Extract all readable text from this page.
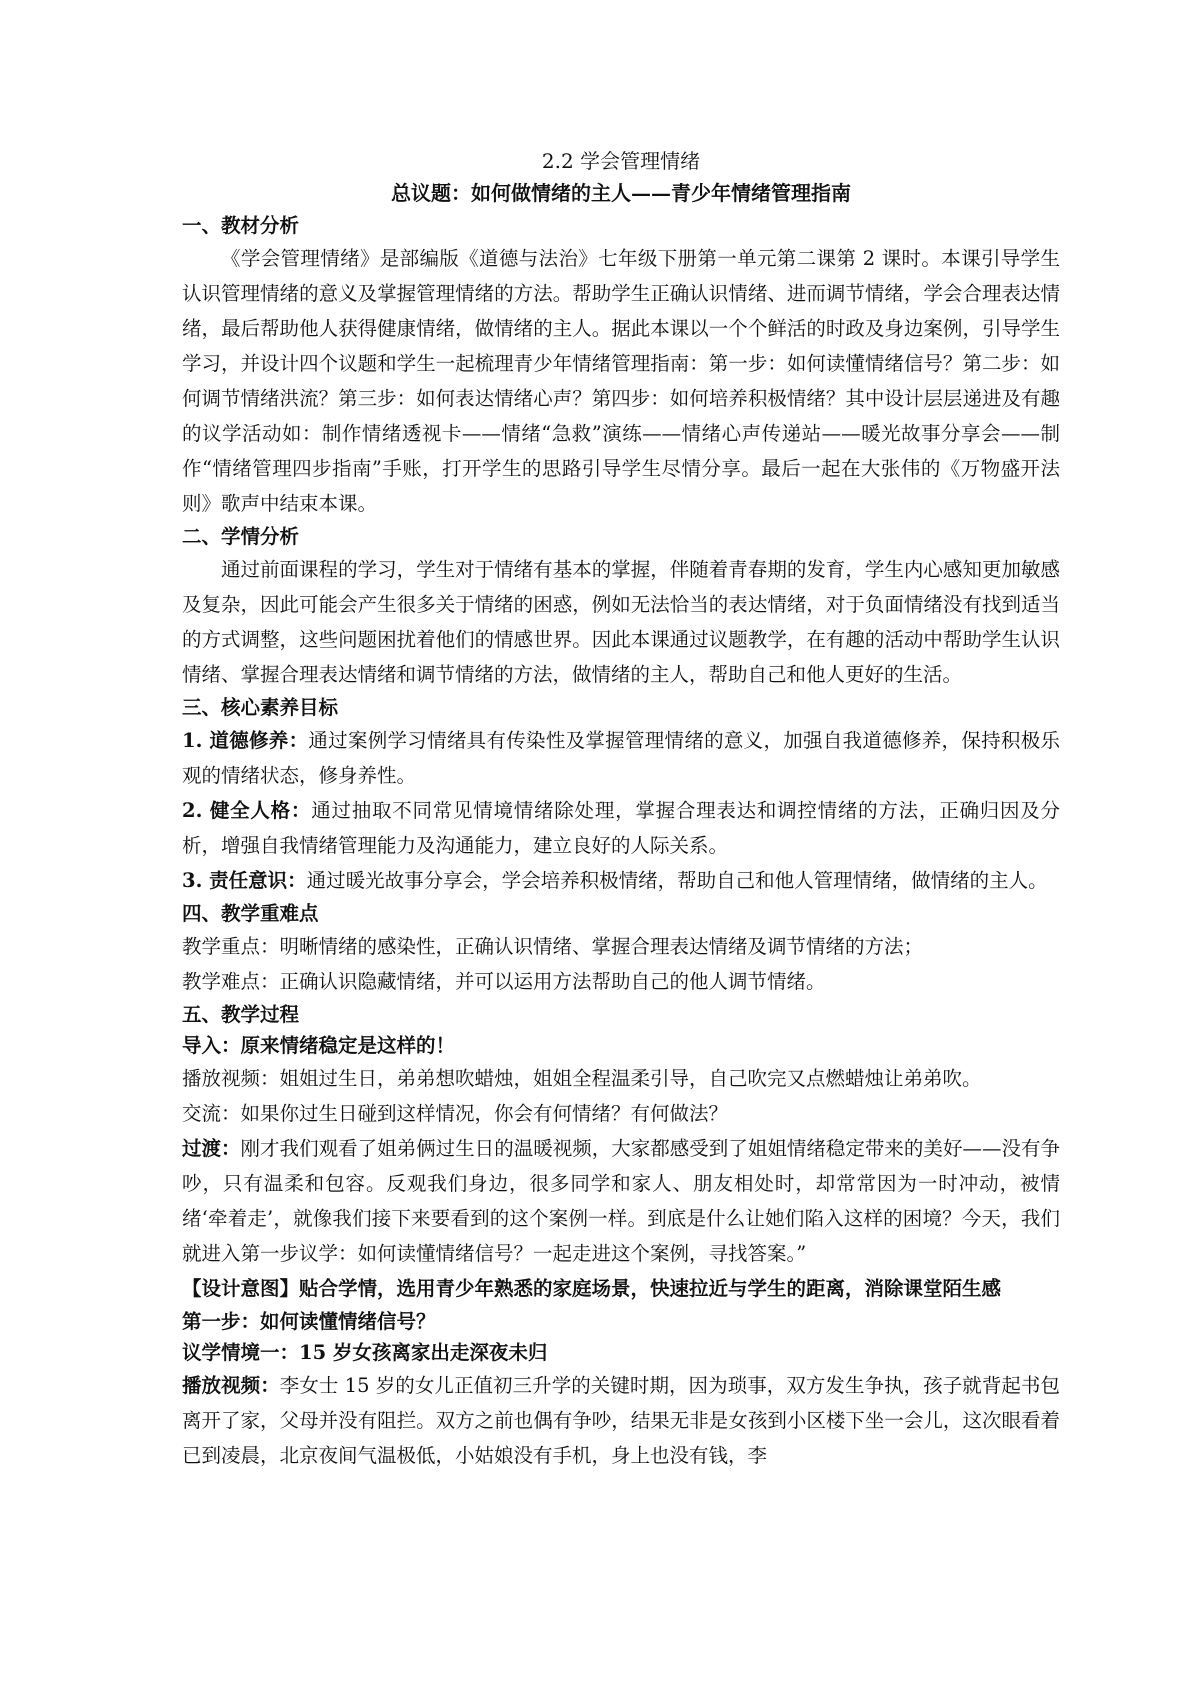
2.2 学会管理情绪
总议题：如何做情绪的主人——青少年情绪管理指南
一、教材分析

《学会管理情绪》是部编版《道德与法治》七年级下册第一单元第二课第 2 课时。本课引导学生认识管理情绪的意义及掌握管理情绪的方法。帮助学生正确认识情绪、进而调节情绪，学会合理表达情绪，最后帮助他人获得健康情绪，做情绪的主人。据此本课以一个个鲜活的时政及身边案例，引导学生学习，并设计四个议题和学生一起梳理青少年情绪管理指南：第一步：如何读懂情绪信号？第二步：如何调节情绪洪流？第三步：如何表达情绪心声？第四步：如何培养积极情绪？其中设计层层递进及有趣的议学活动如：制作情绪透视卡——情绪“急救”演练——情绪心声传递站——暖光故事分享会——制作“情绪管理四步指南”手账，打开学生的思路引导学生尽情分享。最后一起在大张伟的《万物盛开法则》歌声中结束本课。

二、学情分析

通过前面课程的学习，学生对于情绪有基本的掌握，伴随着青春期的发育，学生内心感知更加敏感及复杂，因此可能会产生很多关于情绪的困惑，例如无法恰当的表达情绪，对于负面情绪没有找到适当的方式调整，这些问题困扰着他们的情感世界。因此本课通过议题教学，在有趣的活动中帮助学生认识情绪、掌握合理表达情绪和调节情绪的方法，做情绪的主人，帮助自己和他人更好的生活。

三、核心素养目标

1. 道德修养：通过案例学习情绪具有传染性及掌握管理情绪的意义，加强自我道德修养，保持积极乐观的情绪状态，修身养性。

2. 健全人格：通过抽取不同常见情境情绪除处理，掌握合理表达和调控情绪的方法，正确归因及分析，增强自我情绪管理能力及沟通能力，建立良好的人际关系。

3. 责任意识：通过暖光故事分享会，学会培养积极情绪，帮助自己和他人管理情绪，做情绪的主人。

四、教学重难点

教学重点：明晰情绪的感染性，正确认识情绪、掌握合理表达情绪及调节情绪的方法；

教学难点：正确认识隐藏情绪，并可以运用方法帮助自己的他人调节情绪。

五、教学过程
导入：原来情绪稳定是这样的！

播放视频：姐姐过生日，弟弟想吹蜡烛，姐姐全程温柔引导，自己吹完又点燃蜡烛让弟弟吹。

交流：如果你过生日碰到这样情况，你会有何情绪？有何做法？

过渡：刚才我们观看了姐弟俩过生日的温暖视频，大家都感受到了姐姐情绪稳定带来的美好——没有争吵，只有温柔和包容。反观我们身边，很多同学和家人、朋友相处时，却常常因为一时冲动，被情绪‘牵着走’，就像我们接下来要看到的这个案例一样。到底是什么让她们陷入这样的困境？今天，我们就进入第一步议学：如何读懂情绪信号？一起走进这个案例，寻找答案。”

【设计意图】贴合学情，选用青少年熟悉的家庭场景，快速拉近与学生的距离，消除课堂陌生感

第一步：如何读懂情绪信号？
议学情境一：15 岁女孩离家出走深夜未归

播放视频：李女士 15 岁的女儿正值初三升学的关键时期，因为琐事，双方发生争执，孩子就背起书包离开了家，父母并没有阻拦。双方之前也偶有争吵，结果无非是女孩到小区楼下坐一会儿，这次眼看着已到凌晨，北京夜间气温极低，小姑娘没有手机，身上也没有钱，李
